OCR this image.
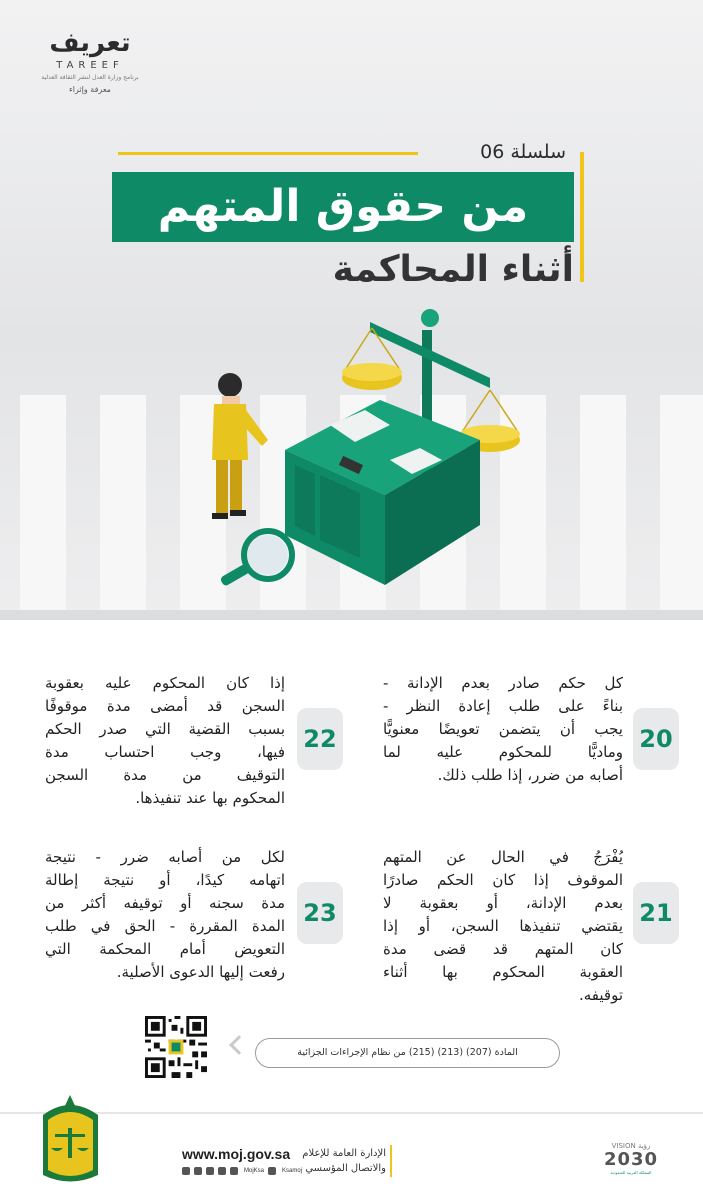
تعريف
TAREEF
برنامج وزارة العدل لنشر الثقافة العدلية
معرفة وإثراء
سلسلة 06
من حقوق المتهم
أثناء المحاكمة
20
كل حكم صادر بعدم الإدانة -
بناءً على طلب إعادة النظر -
يجب أن يتضمن تعويضًا معنويًّا
وماديًّا للمحكوم عليه لما
أصابه من ضرر، إذا طلب ذلك.
22
إذا كان المحكوم عليه بعقوبة
السجن قد أمضى مدة موقوفًا
بسبب القضية التي صدر الحكم
فيها، وجب احتساب مدة
التوقيف من مدة السجن
المحكوم بها عند تنفيذها.
21
يُفْرَجُ في الحال عن المتهم
الموقوف إذا كان الحكم صادرًا
بعدم الإدانة، أو بعقوبة لا
يقتضي تنفيذها السجن، أو إذا
كان المتهم قد قضى مدة
العقوبة المحكوم بها أثناء
توقيفه.
23
لكل من أصابه ضرر - نتيجة
اتهامه كيدًا، أو نتيجة إطالة
مدة سجنه أو توقيفه أكثر من
المدة المقررة - الحق في طلب
التعويض أمام المحكمة التي
رفعت إليها الدعوى الأصلية.
المادة (207) (213) (215) من نظام الإجراءات الجزائية
www.moj.gov.sa
MojKsa	Ksamoj
الإدارة العامة للإعلام
والاتصال المؤسسي
VISION رؤية
2030
المملكة العربية السعودية
